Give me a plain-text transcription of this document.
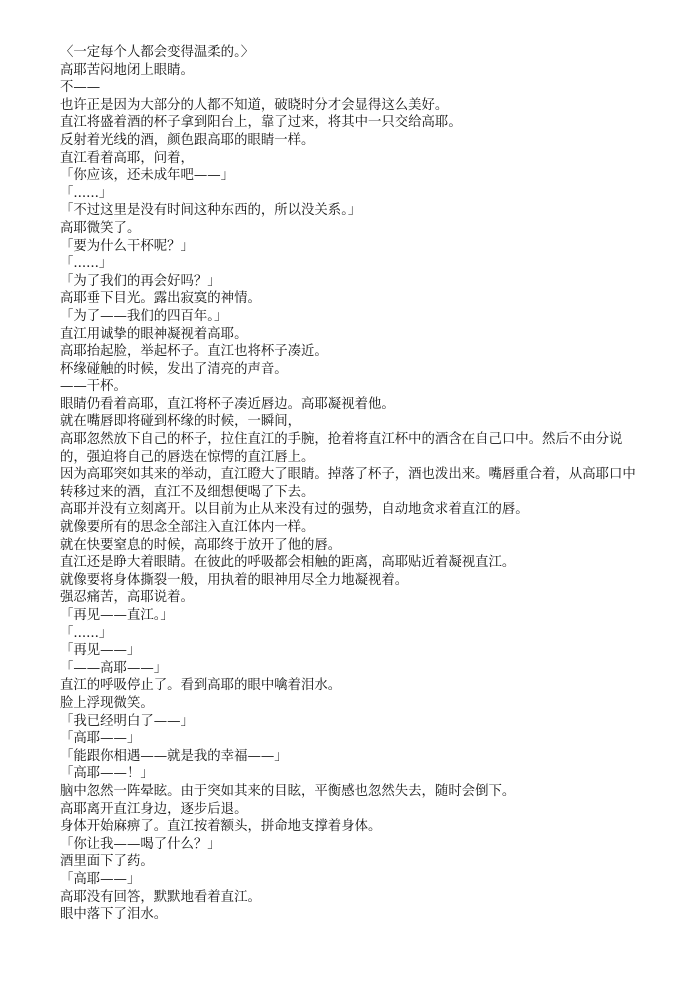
〈一定每个人都会变得温柔的。〉

高耶苦闷地闭上眼睛。

不——

也许正是因为大部分的人都不知道，破晓时分才会显得这么美好。

直江将盛着酒的杯子拿到阳台上，靠了过来，将其中一只交给高耶。

反射着光线的酒，颜色跟高耶的眼睛一样。

直江看着高耶，问着，

「你应该，还未成年吧——」

「......」

「不过这里是没有时间这种东西的，所以没关系。」

高耶微笑了。

「要为什么干杯呢？」

「......」

「为了我们的再会好吗？」

高耶垂下目光。露出寂寞的神情。

「为了——我们的四百年。」

直江用诚挚的眼神凝视着高耶。

高耶抬起脸，举起杯子。直江也将杯子凑近。

杯缘碰触的时候，发出了清亮的声音。

——干杯。

眼睛仍看着高耶，直江将杯子凑近唇边。高耶凝视着他。

就在嘴唇即将碰到杯缘的时候，一瞬间，

高耶忽然放下自己的杯子，拉住直江的手腕，抢着将直江杯中的酒含在自己口中。然后不由分说的，强迫将自己的唇迭在惊愕的直江唇上。

因为高耶突如其来的举动，直江瞪大了眼睛。掉落了杯子，酒也泼出来。嘴唇重合着，从高耶口中转移过来的酒，直江不及细想便喝了下去。

高耶并没有立刻离开。以目前为止从来没有过的强势，自动地贪求着直江的唇。

就像要所有的思念全部注入直江体内一样。

就在快要窒息的时候，高耶终于放开了他的唇。

直江还是睁大着眼睛。在彼此的呼吸都会相触的距离，高耶贴近着凝视直江。

就像要将身体撕裂一般，用执着的眼神用尽全力地凝视着。

强忍痛苦，高耶说着。

「再见——直江。」

「......」

「再见——」

「——高耶——」

直江的呼吸停止了。看到高耶的眼中噙着泪水。

脸上浮现微笑。

「我已经明白了——」

「高耶——」

「能跟你相遇——就是我的幸福——」

「高耶——！」

脑中忽然一阵晕眩。由于突如其来的目眩，平衡感也忽然失去，随时会倒下。

高耶离开直江身边，逐步后退。

身体开始麻痹了。直江按着额头，拼命地支撑着身体。

「你让我——喝了什么？」

酒里面下了药。

「高耶——」

高耶没有回答，默默地看着直江。

眼中落下了泪水。
